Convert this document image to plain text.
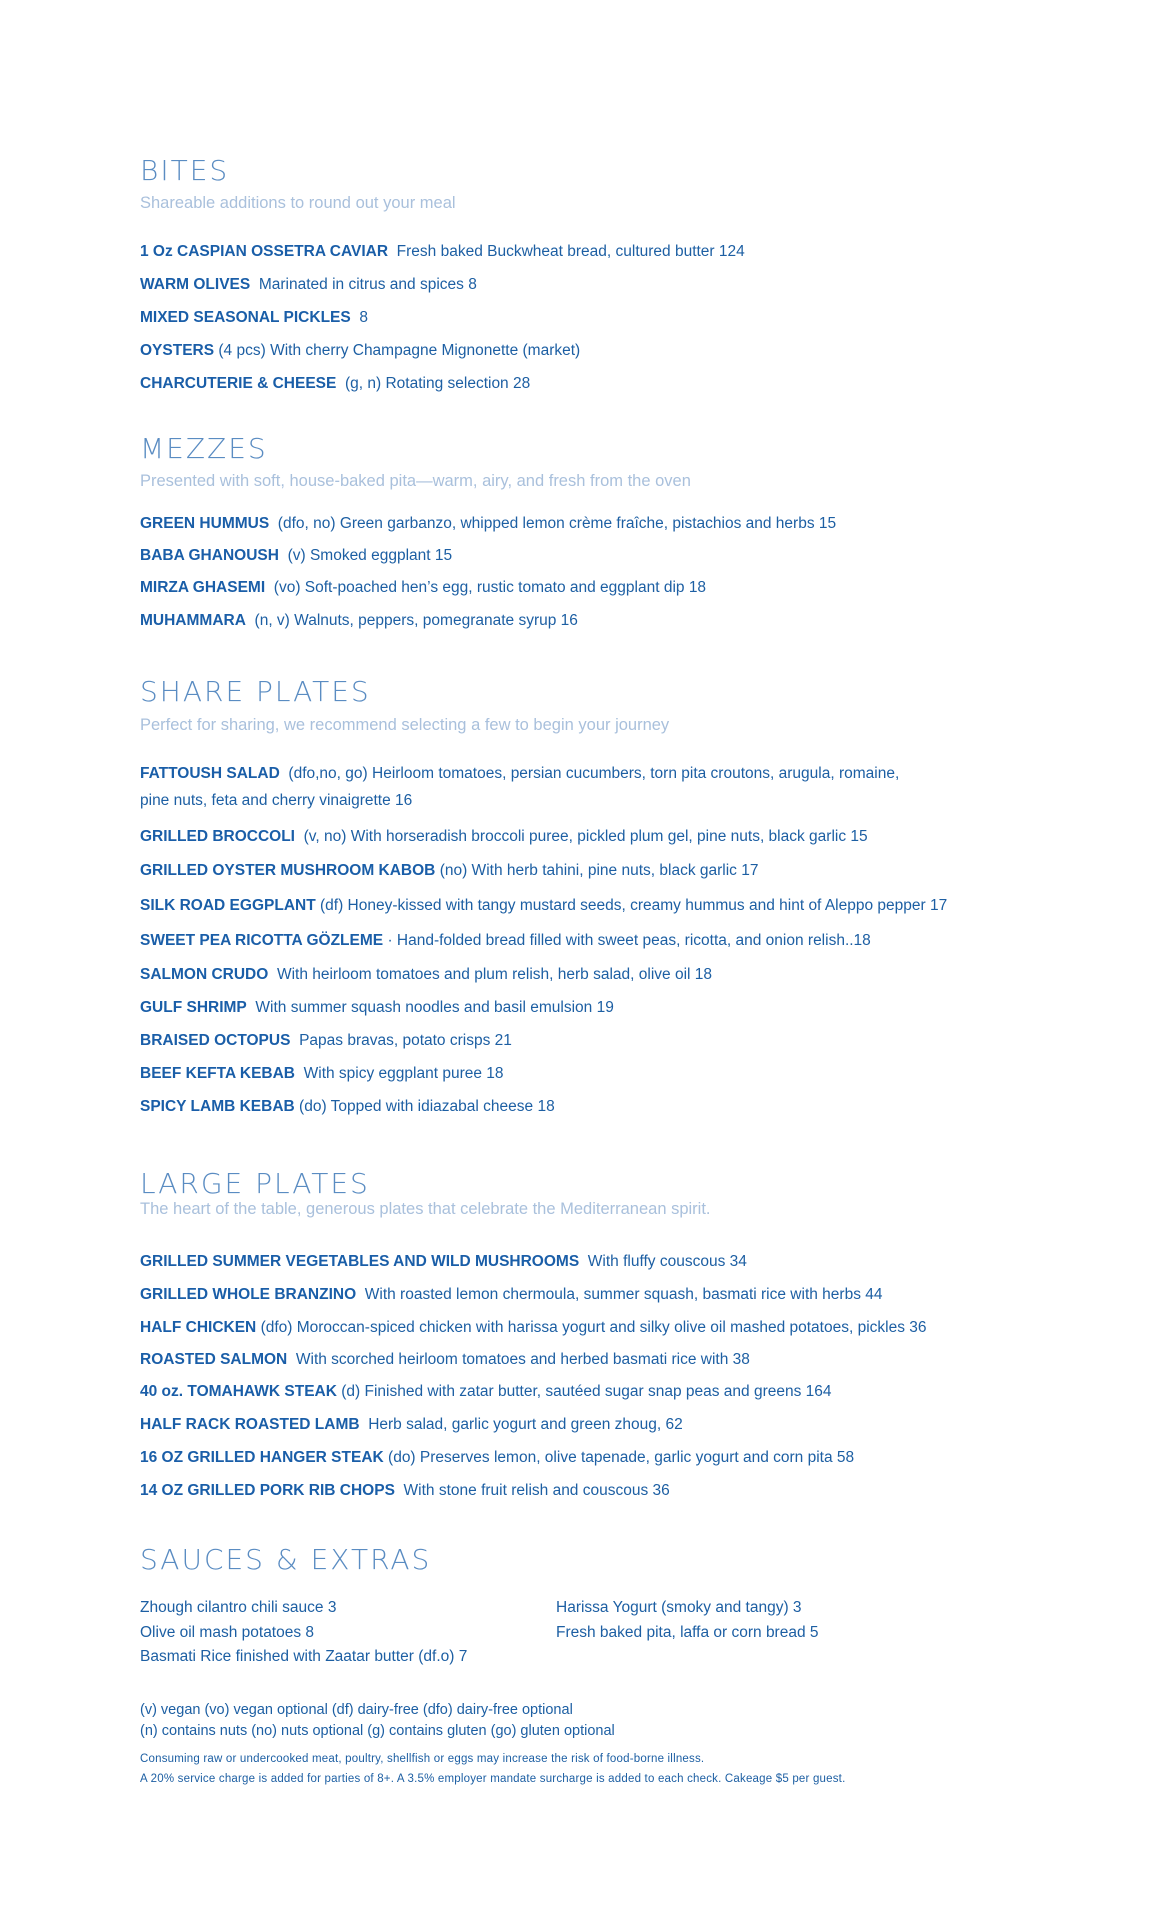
BITES

Shareable additions to round out your meal

1 Oz CASPIAN OSSETRA CAVIAR Fresh baked Buckwheat bread, cultured butter 124
WARM OLIVES Marinated in citrus and spices 8
MIXED SEASONAL PICKLES 8
OYSTERS (4 pcs) With cherry Champagne Mignonette (market)
CHARCUTERIE & CHEESE (g, n) Rotating selection 28
MEZZES

Presented with soft, house-baked pita—warm, airy, and fresh from the oven

GREEN HUMMUS (dfo, no) Green garbanzo, whipped lemon crème fraîche, pistachios and herbs 15
BABA GHANOUSH (v) Smoked eggplant 15
MIRZA GHASEMI (vo) Soft-poached hen’s egg, rustic tomato and eggplant dip 18
MUHAMMARA (n, v) Walnuts, peppers, pomegranate syrup 16
SHARE PLATES

Perfect for sharing, we recommend selecting a few to begin your journey

FATTOUSH SALAD (dfo,no, go) Heirloom tomatoes, persian cucumbers, torn pita croutons, arugula, romaine, pine nuts, feta and cherry vinaigrette 16
GRILLED BROCCOLI (v, no) With horseradish broccoli puree, pickled plum gel, pine nuts, black garlic 15
GRILLED OYSTER MUSHROOM KABOB (no) With herb tahini, pine nuts, black garlic 17
SILK ROAD EGGPLANT (df) Honey-kissed with tangy mustard seeds, creamy hummus and hint of Aleppo pepper 17
SWEET PEA RICOTTA GÖZLEME · Hand-folded bread filled with sweet peas, ricotta, and onion relish..18
SALMON CRUDO With heirloom tomatoes and plum relish, herb salad, olive oil 18
GULF SHRIMP With summer squash noodles and basil emulsion 19
BRAISED OCTOPUS Papas bravas, potato crisps 21
BEEF KEFTA KEBAB With spicy eggplant puree 18
SPICY LAMB KEBAB (do) Topped with idiazabal cheese 18
LARGE PLATES

The heart of the table, generous plates that celebrate the Mediterranean spirit.

GRILLED SUMMER VEGETABLES AND WILD MUSHROOMS With fluffy couscous 34
GRILLED WHOLE BRANZINO With roasted lemon chermoula, summer squash, basmati rice with herbs 44
HALF CHICKEN (dfo) Moroccan-spiced chicken with harissa yogurt and silky olive oil mashed potatoes, pickles 36
ROASTED SALMON With scorched heirloom tomatoes and herbed basmati rice with 38
40 oz. TOMAHAWK STEAK (d) Finished with zatar butter, sautéed sugar snap peas and greens 164
HALF RACK ROASTED LAMB Herb salad, garlic yogurt and green zhoug, 62
16 OZ GRILLED HANGER STEAK (do) Preserves lemon, olive tapenade, garlic yogurt and corn pita 58
14 OZ GRILLED PORK RIB CHOPS With stone fruit relish and couscous 36
SAUCES & EXTRAS
Zhough cilantro chili sauce 3
Olive oil mash potatoes 8
Basmati Rice finished with Zaatar butter (df.o) 7
Harissa Yogurt (smoky and tangy) 3
Fresh baked pita, laffa or corn bread 5
(v) vegan (vo) vegan optional (df) dairy-free (dfo) dairy-free optional
(n) contains nuts (no) nuts optional (g) contains gluten (go) gluten optional
Consuming raw or undercooked meat, poultry, shellfish or eggs may increase the risk of food-borne illness.
A 20% service charge is added for parties of 8+. A 3.5% employer mandate surcharge is added to each check. Cakeage $5 per guest.
